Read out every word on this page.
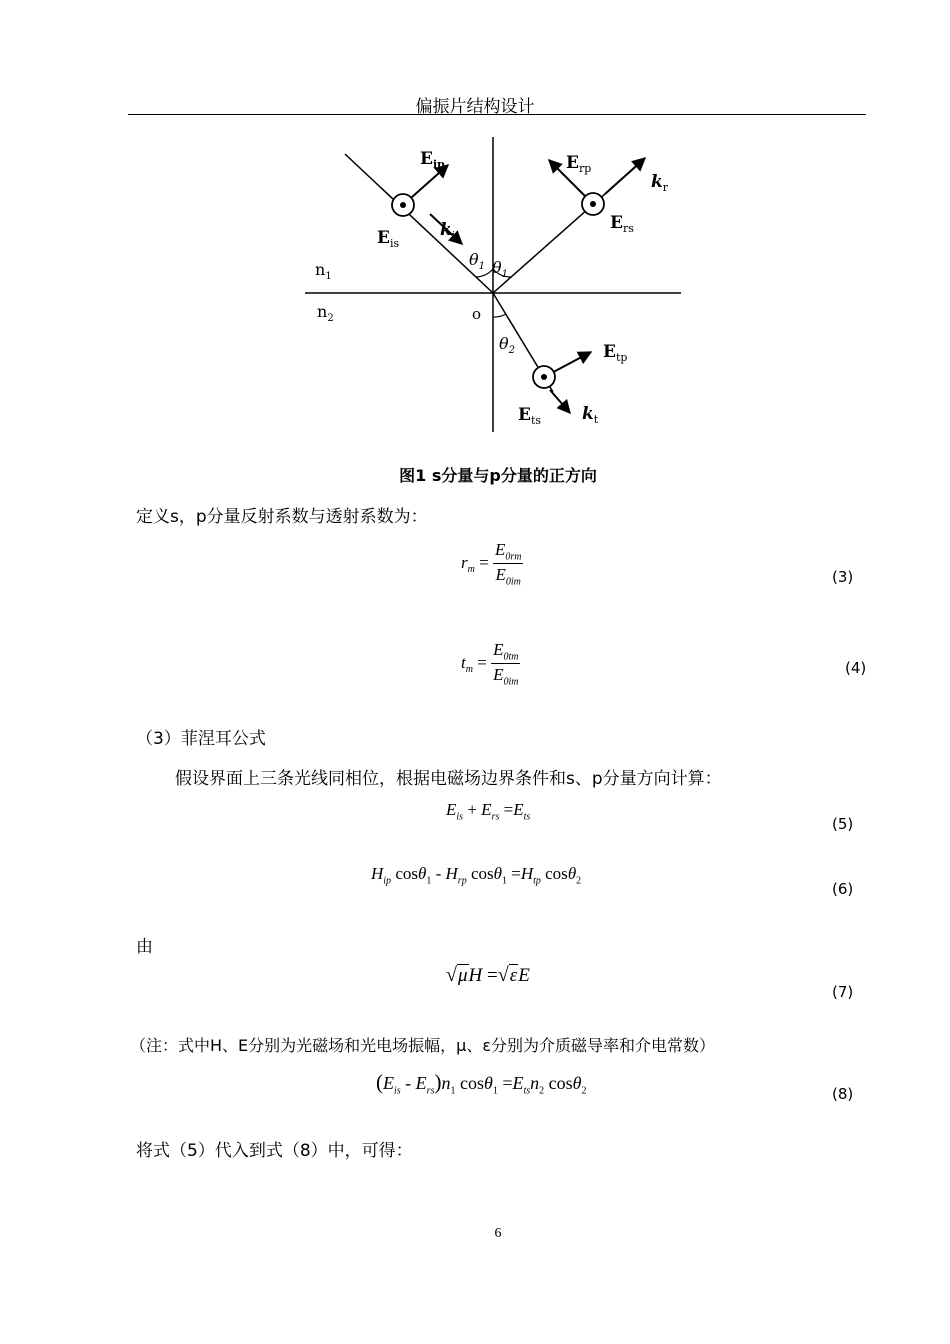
偏振片结构设计
$E_{ip}$	$E_{rp}$
$k_r$
$E_{is}$
$k_i$
$E_{rs}$
$\theta_1$ $\theta_1$
$n_1$
$n_2$	o
$\theta_2$	$E_{tp}$
$E_{ts}$ $k_t$
图1 s分量与p分量的正方向
定义s，p分量反射系数与透射系数为：
$r_m = \frac{E_{0rm}}{E_{0im}}$	(3)
$t_m = \frac{E_{0tm}}{E_{0im}}$	(4)
（3）菲涅耳公式
假设界面上三条光线同相位，根据电磁场边界条件和s、p分量方向计算：
$E_{is} + E_{rs} =E_{ts}$	(5)
$H_{ip}$ $\cos\theta_1 - H_{rp}$ $\cos\theta_1 =H_{tp}$ cosθ$_2$	(6)
由
√μH =√εE
(7)
（注：式中H、E分别为光磁场和光电场振幅，μ、ε分别为介质磁导率和介电常数）
$(E_{is} - E_{rs})n_1$ $\cos\theta_1 =E_{ts}n_2$ cosθ$_2$	(8)
将式（5）代入到式（8）中，可得：
6
